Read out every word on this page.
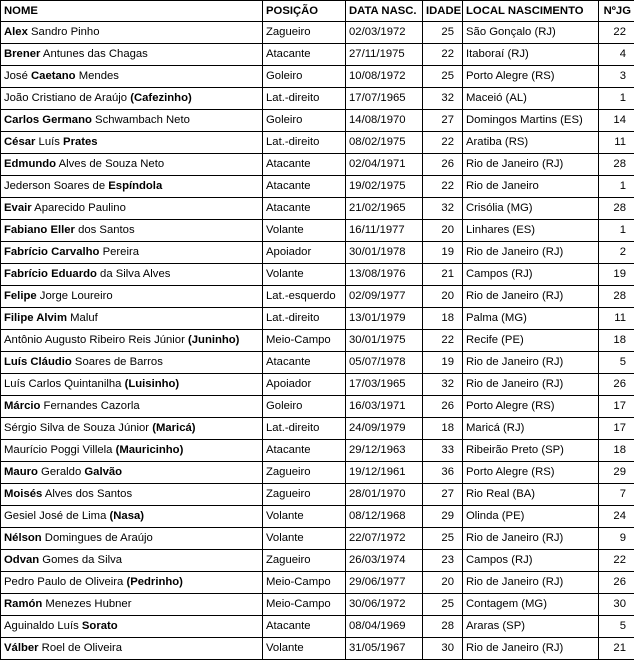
NOME	POSIÇÃO	DATA NASC.	IDADE	LOCAL NASCIMENTO	NºJG
Alex Sandro Pinho	Zagueiro	02/03/1972	25	São Gonçalo (RJ)	22
Brener Antunes das Chagas	Atacante	27/11/1975	22	Itaboraí (RJ)	4
José Caetano Mendes	Goleiro	10/08/1972	25	Porto Alegre (RS)	3
João Cristiano de Araújo (Cafezinho)	Lat.-direito	17/07/1965	32	Maceió (AL)	1
Carlos Germano Schwambach Neto	Goleiro	14/08/1970	27	Domingos Martins (ES)	14
César Luís Prates	Lat.-direito	08/02/1975	22	Aratiba (RS)	11
Edmundo Alves de Souza Neto	Atacante	02/04/1971	26	Rio de Janeiro (RJ)	28
Jederson Soares de Espíndola	Atacante	19/02/1975	22	Rio de Janeiro	1
Evair Aparecido Paulino	Atacante	21/02/1965	32	Crisólia (MG)	28
Fabiano Eller dos Santos	Volante	16/11/1977	20	Linhares (ES)	1
Fabrício Carvalho Pereira	Apoiador	30/01/1978	19	Rio de Janeiro (RJ)	2
Fabrício Eduardo da Silva Alves	Volante	13/08/1976	21	Campos (RJ)	19
Felipe Jorge Loureiro	Lat.-esquerdo	02/09/1977	20	Rio de Janeiro (RJ)	28
Filipe Alvim Maluf	Lat.-direito	13/01/1979	18	Palma (MG)	11
Antônio Augusto Ribeiro Reis Júnior (Juninho)	Meio-Campo	30/01/1975	22	Recife (PE)	18
Luís Cláudio Soares de Barros	Atacante	05/07/1978	19	Rio de Janeiro (RJ)	5
Luís Carlos Quintanilha (Luisinho)	Apoiador	17/03/1965	32	Rio de Janeiro (RJ)	26
Márcio Fernandes Cazorla	Goleiro	16/03/1971	26	Porto Alegre (RS)	17
Sérgio Silva de Souza Júnior (Maricá)	Lat.-direito	24/09/1979	18	Maricá (RJ)	17
Maurício Poggi Villela (Mauricinho)	Atacante	29/12/1963	33	Ribeirão Preto (SP)	18
Mauro Geraldo Galvão	Zagueiro	19/12/1961	36	Porto Alegre (RS)	29
Moisés Alves dos Santos	Zagueiro	28/01/1970	27	Rio Real (BA)	7
Gesiel José de Lima (Nasa)	Volante	08/12/1968	29	Olinda (PE)	24
Nélson Domingues de Araújo	Volante	22/07/1972	25	Rio de Janeiro (RJ)	9
Odvan Gomes da Silva	Zagueiro	26/03/1974	23	Campos (RJ)	22
Pedro Paulo de Oliveira (Pedrinho)	Meio-Campo	29/06/1977	20	Rio de Janeiro (RJ)	26
Ramón Menezes Hubner	Meio-Campo	30/06/1972	25	Contagem (MG)	30
Aguinaldo Luís Sorato	Atacante	08/04/1969	28	Araras (SP)	5
Válber Roel de Oliveira	Volante	31/05/1967	30	Rio de Janeiro (RJ)	21
